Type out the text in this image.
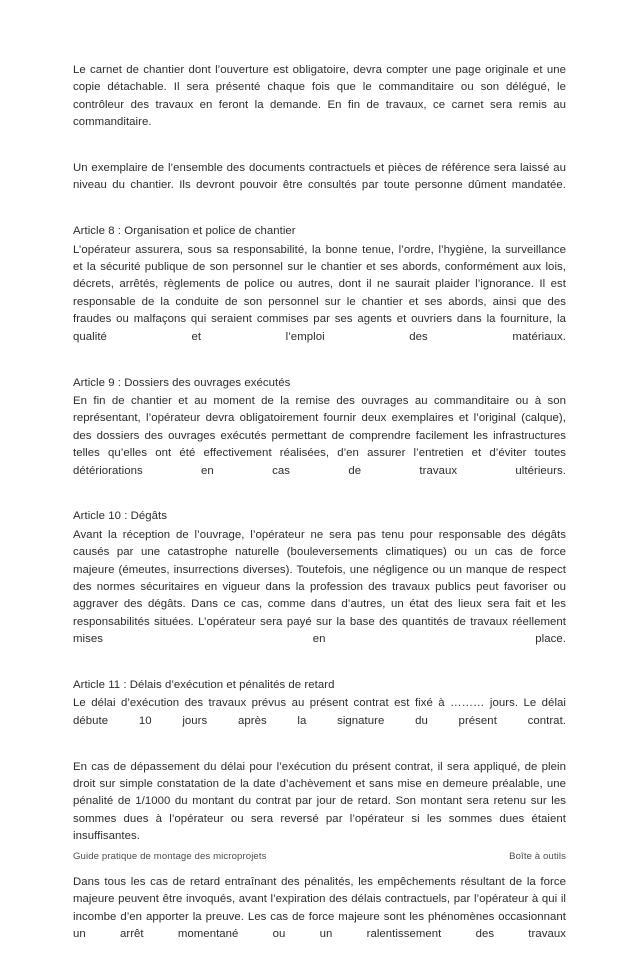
Le carnet de chantier dont l’ouverture est obligatoire, devra compter une page originale et une copie détachable. Il sera présenté chaque fois que le commanditaire ou son délégué, le contrôleur des travaux en feront la demande. En fin de travaux, ce carnet sera remis au commanditaire.

Un exemplaire de l’ensemble des documents contractuels et pièces de référence sera laissé au niveau du chantier. Ils devront pouvoir être consultés par toute personne dûment mandatée.

Article 8 : Organisation et police de chantier

L’opérateur assurera, sous sa responsabilité, la bonne tenue, l’ordre, l’hygiène, la surveillance et la sécurité publique de son personnel sur le chantier et ses abords, conformément aux lois, décrets, arrêtés, règlements de police ou autres, dont il ne saurait plaider l’ignorance. Il est responsable de la conduite de son personnel sur le chantier et ses abords, ainsi que des fraudes ou malfaçons qui seraient commises par ses agents et ouvriers dans la fourniture, la qualité et l’emploi des matériaux.

Article 9 : Dossiers des ouvrages exécutés

En fin de chantier et au moment de la remise des ouvrages au commanditaire ou à son représentant, l’opérateur devra obligatoirement fournir deux exemplaires et l’original (calque), des dossiers des ouvrages exécutés permettant de comprendre facilement les infrastructures telles qu’elles ont été effectivement réalisées, d’en assurer l’entretien et d’éviter toutes détériorations en cas de travaux ultérieurs.

Article 10 : Dégâts

Avant la réception de l’ouvrage, l’opérateur ne sera pas tenu pour responsable des dégâts causés par une catastrophe naturelle (bouleversements climatiques) ou un cas de force majeure (émeutes, insurrections diverses). Toutefois, une négligence ou un manque de respect des normes sécuritaires en vigueur dans la profession des travaux publics peut favoriser ou aggraver des dégâts. Dans ce cas, comme dans d’autres, un état des lieux sera fait et les responsabilités situées. L’opérateur sera payé sur la base des quantités de travaux réellement mises en place.

Article 11 : Délais d’exécution et pénalités de retard

Le délai d’exécution des travaux prévus au présent contrat est fixé à ……… jours. Le délai débute 10 jours après la signature du présent contrat.

En cas de dépassement du délai pour l’exécution du présent contrat, il sera appliqué, de plein droit sur simple constatation de la date d’achèvement et sans mise en demeure préalable, une pénalité de 1/1000 du montant du contrat par jour de retard. Son montant sera retenu sur les sommes dues à l’opérateur ou sera reversé par l’opérateur si les sommes dues étaient insuffisantes.

Dans tous les cas de retard entraînant des pénalités, les empêchements résultant de la force majeure peuvent être invoqués, avant l’expiration des délais contractuels, par l’opérateur à qui il incombe d’en apporter la preuve. Les cas de force majeure sont les phénomènes occasionnant un arrêt momentané ou un ralentissement des travaux

Guide pratique de montage des microprojets	Boîte à outils
